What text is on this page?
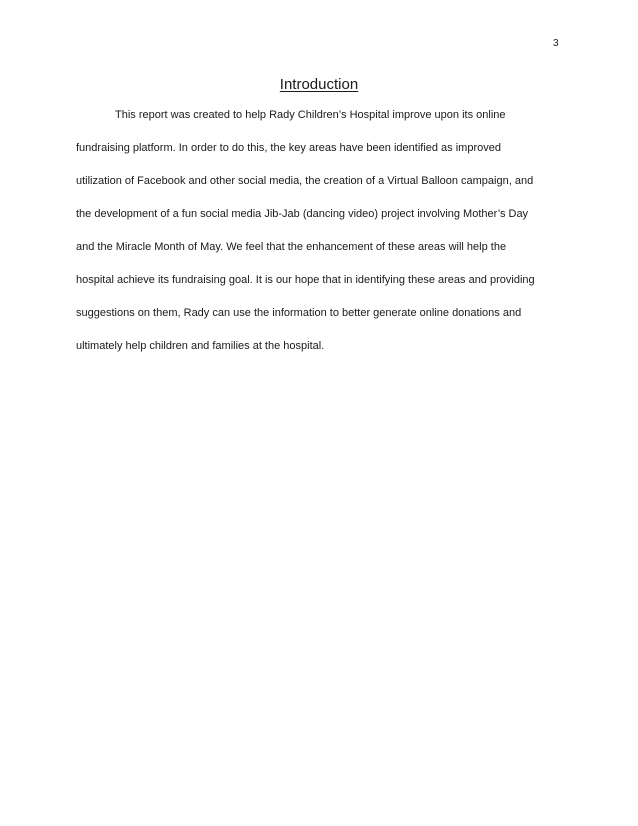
3
Introduction
This report was created to help Rady Children’s Hospital improve upon its online
fundraising platform. In order to do this, the key areas have been identified as improved
utilization of Facebook and other social media, the creation of a Virtual Balloon campaign, and
the development of a fun social media Jib-Jab (dancing video) project involving Mother’s Day
and the Miracle Month of May. We feel that the enhancement of these areas will help the
hospital achieve its fundraising goal. It is our hope that in identifying these areas and providing
suggestions on them, Rady can use the information to better generate online donations and
ultimately help children and families at the hospital.
